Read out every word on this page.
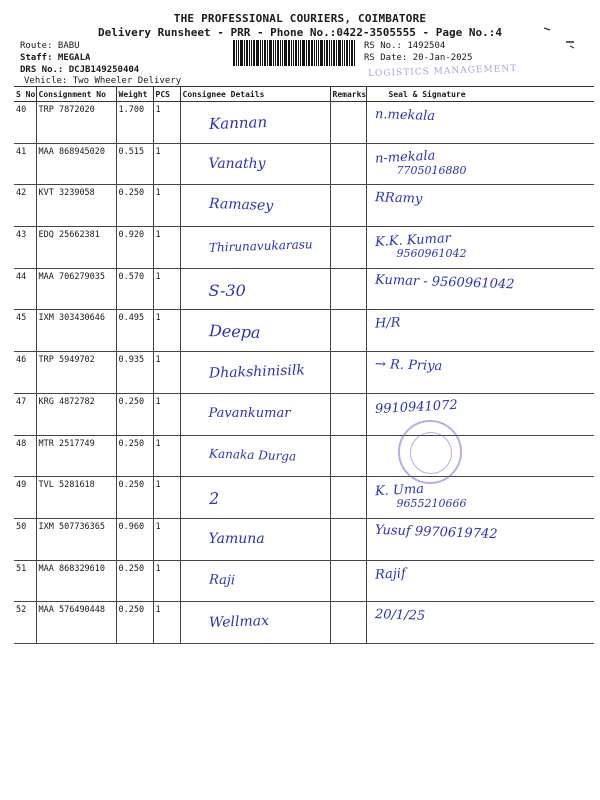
THE PROFESSIONAL COURIERS, COIMBATORE
Delivery Runsheet - PRR - Phone No.:0422-3505555 - Page No.:4
Route: BABU
Staff: MEGALA
DRS No.: DCJB149250404
Vehicle: Two Wheeler Delivery
RS No.: 1492504
RS Date: 20-Jan-2025
LOGISTICS MANAGEMENT
S No	Consignment No	Weight	PCS	Consignee Details	Remarks	Seal & Signature
40	TRP 7872020	1.700	1	Kannan		n.mekala

41	MAA 868945020	0.515	1	Vanathy		n-mekala
7705016880

42	KVT 3239058	0.250	1	Ramasey		RRamy

43	EDQ 25662381	0.920	1	Thirunavukarasu		K.K. Kumar
9560961042

44	MAA 706279035	0.570	1	S-30		Kumar - 9560961042

45	IXM 303430646	0.495	1	Deepa		H/R

46	TRP 5949702	0.935	1	Dhakshinisilk		→ R. Priya

47	KRG 4872782	0.250	1	Pavankumar		9910941072

48	MTR 2517749	0.250	1	Kanaka Durga		

49	TVL 5281618	0.250	1	2		K. Uma
9655210666

50	IXM 507736365	0.960	1	Yamuna		Yusuf 9970619742

51	MAA 868329610	0.250	1	Raji		Rajif

52	MAA 576490448	0.250	1	Wellmax		20/1/25
